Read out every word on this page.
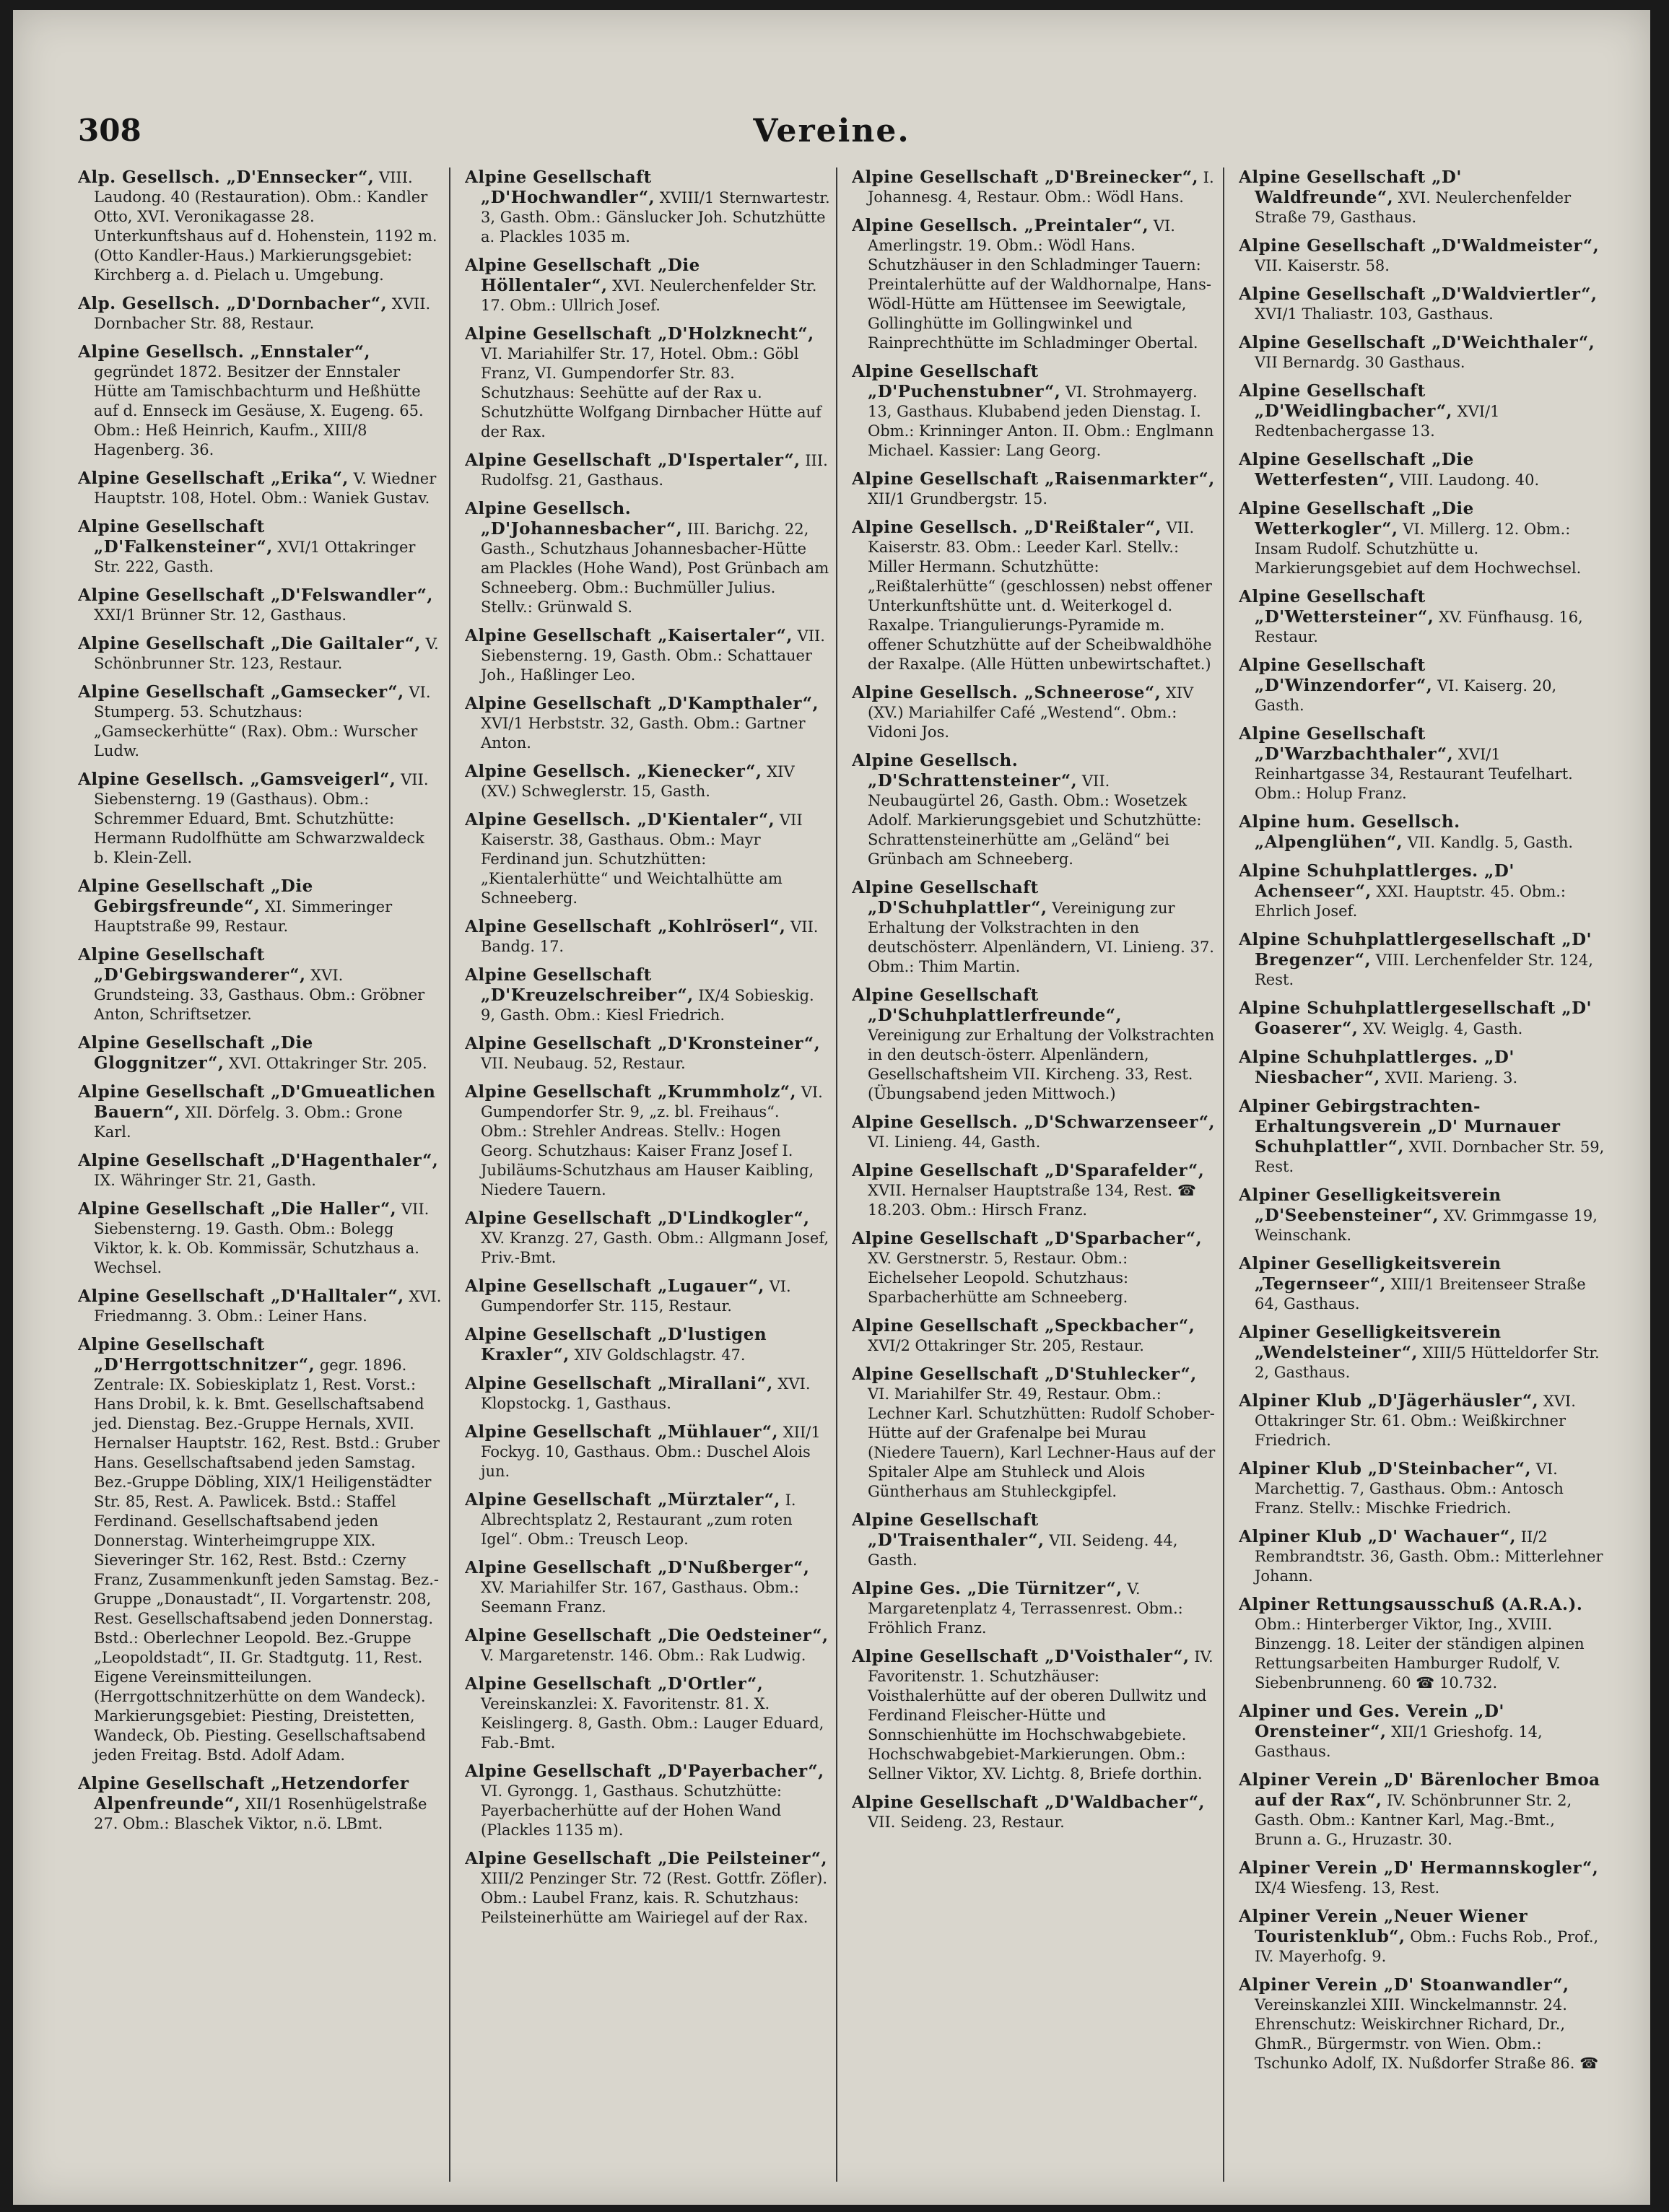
308	Vereine.

Alp. Gesellsch. „D'Ennsecker“, VIII. Laudong. 40 (Restauration). Obm.: Kandler Otto, XVI. Veronikagasse 28. Unterkunftshaus auf d. Hohenstein, 1192 m. (Otto Kandler-Haus.) Markierungsgebiet: Kirchberg a. d. Pielach u. Umgebung.

Alp. Gesellsch. „D'Dornbacher“, XVII. Dornbacher Str. 88, Restaur.

Alpine Gesellsch. „Ennstaler“, gegründet 1872. Besitzer der Ennstaler Hütte am Tamischbachturm und Heßhütte auf d. Ennseck im Gesäuse, X. Eugeng. 65. Obm.: Heß Heinrich, Kaufm., XIII/8 Hagenberg. 36.

Alpine Gesellschaft „Erika“, V. Wiedner Hauptstr. 108, Hotel. Obm.: Waniek Gustav.

Alpine Gesellschaft „D'Falkensteiner“, XVI/1 Ottakringer Str. 222, Gasth.

Alpine Gesellschaft „D'Felswandler“, XXI/1 Brünner Str. 12, Gasthaus.

Alpine Gesellschaft „Die Gailtaler“, V. Schönbrunner Str. 123, Restaur.

Alpine Gesellschaft „Gamsecker“, VI. Stumperg. 53. Schutzhaus: „Gamseckerhütte“ (Rax). Obm.: Wurscher Ludw.

Alpine Gesellsch. „Gamsveigerl“, VII. Siebensterng. 19 (Gasthaus). Obm.: Schremmer Eduard, Bmt. Schutzhütte: Hermann Rudolfhütte am Schwarzwaldeck b. Klein-Zell.

Alpine Gesellschaft „Die Gebirgsfreunde“, XI. Simmeringer Hauptstraße 99, Restaur.

Alpine Gesellschaft „D'Gebirgswanderer“, XVI. Grundsteing. 33, Gasthaus. Obm.: Gröbner Anton, Schriftsetzer.

Alpine Gesellschaft „Die Gloggnitzer“, XVI. Ottakringer Str. 205.

Alpine Gesellschaft „D'Gmueatlichen Bauern“, XII. Dörfelg. 3. Obm.: Grone Karl.

Alpine Gesellschaft „D'Hagenthaler“, IX. Währinger Str. 21, Gasth.

Alpine Gesellschaft „Die Haller“, VII. Siebensterng. 19. Gasth. Obm.: Bolegg Viktor, k. k. Ob. Kommissär, Schutzhaus a. Wechsel.

Alpine Gesellschaft „D'Halltaler“, XVI. Friedmanng. 3. Obm.: Leiner Hans.

Alpine Gesellschaft „D'Herrgottschnitzer“, gegr. 1896. Zentrale: IX. Sobieskiplatz 1, Rest. Vorst.: Hans Drobil, k. k. Bmt. Gesellschaftsabend jed. Dienstag. Bez.-Gruppe Hernals, XVII. Hernalser Hauptstr. 162, Rest. Bstd.: Gruber Hans. Gesellschaftsabend jeden Samstag. Bez.-Gruppe Döbling, XIX/1 Heiligenstädter Str. 85, Rest. A. Pawlicek. Bstd.: Staffel Ferdinand. Gesellschaftsabend jeden Donnerstag. Winterheimgruppe XIX. Sieveringer Str. 162, Rest. Bstd.: Czerny Franz, Zusammenkunft jeden Samstag. Bez.-Gruppe „Donaustadt“, II. Vorgartenstr. 208, Rest. Gesellschaftsabend jeden Donnerstag. Bstd.: Oberlechner Leopold. Bez.-Gruppe „Leopoldstadt“, II. Gr. Stadtgutg. 11, Rest. Eigene Vereinsmitteilungen. (Herrgottschnitzerhütte on dem Wandeck). Markierungsgebiet: Piesting, Dreistetten, Wandeck, Ob. Piesting. Gesellschaftsabend jeden Freitag. Bstd. Adolf Adam.

Alpine Gesellschaft „Hetzendorfer Alpenfreunde“, XII/1 Rosenhügelstraße 27. Obm.: Blaschek Viktor, n.ö. LBmt.

Alpine Gesellschaft „D'Hochwandler“, XVIII/1 Sternwartestr. 3, Gasth. Obm.: Gänslucker Joh. Schutzhütte a. Plackles 1035 m.

Alpine Gesellschaft „Die Höllentaler“, XVI. Neulerchenfelder Str. 17. Obm.: Ullrich Josef.

Alpine Gesellschaft „D'Holzknecht“, VI. Mariahilfer Str. 17, Hotel. Obm.: Göbl Franz, VI. Gumpendorfer Str. 83. Schutzhaus: Seehütte auf der Rax u. Schutzhütte Wolfgang Dirnbacher Hütte auf der Rax.

Alpine Gesellschaft „D'Ispertaler“, III. Rudolfsg. 21, Gasthaus.

Alpine Gesellsch. „D'Johannesbacher“, III. Barichg. 22, Gasth., Schutzhaus Johannesbacher-Hütte am Plackles (Hohe Wand), Post Grünbach am Schneeberg. Obm.: Buchmüller Julius. Stellv.: Grünwald S.

Alpine Gesellschaft „Kaisertaler“, VII. Siebensterng. 19, Gasth. Obm.: Schattauer Joh., Haßlinger Leo.

Alpine Gesellschaft „D'Kampthaler“, XVI/1 Herbststr. 32, Gasth. Obm.: Gartner Anton.

Alpine Gesellsch. „Kienecker“, XIV (XV.) Schweglerstr. 15, Gasth.

Alpine Gesellsch. „D'Kientaler“, VII Kaiserstr. 38, Gasthaus. Obm.: Mayr Ferdinand jun. Schutzhütten: „Kientalerhütte“ und Weichtalhütte am Schneeberg.

Alpine Gesellschaft „Kohlröserl“, VII. Bandg. 17.

Alpine Gesellschaft „D'Kreuzelschreiber“, IX/4 Sobieskig. 9, Gasth. Obm.: Kiesl Friedrich.

Alpine Gesellschaft „D'Kronsteiner“, VII. Neubaug. 52, Restaur.

Alpine Gesellschaft „Krummholz“, VI. Gumpendorfer Str. 9, „z. bl. Freihaus“. Obm.: Strehler Andreas. Stellv.: Hogen Georg. Schutzhaus: Kaiser Franz Josef I. Jubiläums-Schutzhaus am Hauser Kaibling, Niedere Tauern.

Alpine Gesellschaft „D'Lindkogler“, XV. Kranzg. 27, Gasth. Obm.: Allgmann Josef, Priv.-Bmt.

Alpine Gesellschaft „Lugauer“, VI. Gumpendorfer Str. 115, Restaur.

Alpine Gesellschaft „D'lustigen Kraxler“, XIV Goldschlagstr. 47.

Alpine Gesellschaft „Mirallani“, XVI. Klopstockg. 1, Gasthaus.

Alpine Gesellschaft „Mühlauer“, XII/1 Fockyg. 10, Gasthaus. Obm.: Duschel Alois jun.

Alpine Gesellschaft „Mürztaler“, I. Albrechtsplatz 2, Restaurant „zum roten Igel“. Obm.: Treusch Leop.

Alpine Gesellschaft „D'Nußberger“, XV. Mariahilfer Str. 167, Gasthaus. Obm.: Seemann Franz.

Alpine Gesellschaft „Die Oedsteiner“, V. Margaretenstr. 146. Obm.: Rak Ludwig.

Alpine Gesellschaft „D'Ortler“, Vereinskanzlei: X. Favoritenstr. 81. X. Keislingerg. 8, Gasth. Obm.: Lauger Eduard, Fab.-Bmt.

Alpine Gesellschaft „D'Payerbacher“, VI. Gyrongg. 1, Gasthaus. Schutzhütte: Payerbacherhütte auf der Hohen Wand (Plackles 1135 m).

Alpine Gesellschaft „Die Peilsteiner“, XIII/2 Penzinger Str. 72 (Rest. Gottfr. Zöfler). Obm.: Laubel Franz, kais. R. Schutzhaus: Peilsteinerhütte am Wairiegel auf der Rax.

Alpine Gesellschaft „D'Breinecker“, I. Johannesg. 4, Restaur. Obm.: Wödl Hans.

Alpine Gesellsch. „Preintaler“, VI. Amerlingstr. 19. Obm.: Wödl Hans. Schutzhäuser in den Schladminger Tauern: Preintalerhütte auf der Waldhornalpe, Hans-Wödl-Hütte am Hüttensee im Seewigtale, Gollinghütte im Gollingwinkel und Rainprechthütte im Schladminger Obertal.

Alpine Gesellschaft „D'Puchenstubner“, VI. Strohmayerg. 13, Gasthaus. Klubabend jeden Dienstag. I. Obm.: Krinninger Anton. II. Obm.: Englmann Michael. Kassier: Lang Georg.

Alpine Gesellschaft „Raisenmarkter“, XII/1 Grundbergstr. 15.

Alpine Gesellsch. „D'Reißtaler“, VII. Kaiserstr. 83. Obm.: Leeder Karl. Stellv.: Miller Hermann. Schutzhütte: „Reißtalerhütte“ (geschlossen) nebst offener Unterkunftshütte unt. d. Weiterkogel d. Raxalpe. Triangulierungs-Pyramide m. offener Schutzhütte auf der Scheibwaldhöhe der Raxalpe. (Alle Hütten unbewirtschaftet.)

Alpine Gesellsch. „Schneerose“, XIV (XV.) Mariahilfer Café „Westend“. Obm.: Vidoni Jos.

Alpine Gesellsch. „D'Schrattensteiner“, VII. Neubaugürtel 26, Gasth. Obm.: Wosetzek Adolf. Markierungsgebiet und Schutzhütte: Schrattensteinerhütte am „Geländ“ bei Grünbach am Schneeberg.

Alpine Gesellschaft „D'Schuhplattler“, Vereinigung zur Erhaltung der Volkstrachten in den deutschösterr. Alpenländern, VI. Linieng. 37. Obm.: Thim Martin.

Alpine Gesellschaft „D'Schuhplattlerfreunde“, Vereinigung zur Erhaltung der Volkstrachten in den deutsch-österr. Alpenländern, Gesellschaftsheim VII. Kircheng. 33, Rest. (Übungsabend jeden Mittwoch.)

Alpine Gesellsch. „D'Schwarzenseer“, VI. Linieng. 44, Gasth.

Alpine Gesellschaft „D'Sparafelder“, XVII. Hernalser Hauptstraße 134, Rest. ☎ 18.203. Obm.: Hirsch Franz.

Alpine Gesellschaft „D'Sparbacher“, XV. Gerstnerstr. 5, Restaur. Obm.: Eichelseher Leopold. Schutzhaus: Sparbacherhütte am Schneeberg.

Alpine Gesellschaft „Speckbacher“, XVI/2 Ottakringer Str. 205, Restaur.

Alpine Gesellschaft „D'Stuhlecker“, VI. Mariahilfer Str. 49, Restaur. Obm.: Lechner Karl. Schutzhütten: Rudolf Schober-Hütte auf der Grafenalpe bei Murau (Niedere Tauern), Karl Lechner-Haus auf der Spitaler Alpe am Stuhleck und Alois Güntherhaus am Stuhleckgipfel.

Alpine Gesellschaft „D'Traisenthaler“, VII. Seideng. 44, Gasth.

Alpine Ges. „Die Türnitzer“, V. Margaretenplatz 4, Terrassenrest. Obm.: Fröhlich Franz.

Alpine Gesellschaft „D'Voisthaler“, IV. Favoritenstr. 1. Schutzhäuser: Voisthalerhütte auf der oberen Dullwitz und Ferdinand Fleischer-Hütte und Sonnschienhütte im Hochschwabgebiete. Hochschwabgebiet-Markierungen. Obm.: Sellner Viktor, XV. Lichtg. 8, Briefe dorthin.

Alpine Gesellschaft „D'Waldbacher“, VII. Seideng. 23, Restaur.

Alpine Gesellschaft „D' Waldfreunde“, XVI. Neulerchenfelder Straße 79, Gasthaus.

Alpine Gesellschaft „D'Waldmeister“, VII. Kaiserstr. 58.

Alpine Gesellschaft „D'Waldviertler“, XVI/1 Thaliastr. 103, Gasthaus.

Alpine Gesellschaft „D'Weichthaler“, VII Bernardg. 30 Gasthaus.

Alpine Gesellschaft „D'Weidlingbacher“, XVI/1 Redtenbachergasse 13.

Alpine Gesellschaft „Die Wetterfesten“, VIII. Laudong. 40.

Alpine Gesellschaft „Die Wetterkogler“, VI. Millerg. 12. Obm.: Insam Rudolf. Schutzhütte u. Markierungsgebiet auf dem Hochwechsel.

Alpine Gesellschaft „D'Wettersteiner“, XV. Fünfhausg. 16, Restaur.

Alpine Gesellschaft „D'Winzendorfer“, VI. Kaiserg. 20, Gasth.

Alpine Gesellschaft „D'Warzbachthaler“, XVI/1 Reinhartgasse 34, Restaurant Teufelhart. Obm.: Holup Franz.

Alpine hum. Gesellsch. „Alpenglühen“, VII. Kandlg. 5, Gasth.

Alpine Schuhplattlerges. „D' Achenseer“, XXI. Hauptstr. 45. Obm.: Ehrlich Josef.

Alpine Schuhplattlergesellschaft „D' Bregenzer“, VIII. Lerchenfelder Str. 124, Rest.

Alpine Schuhplattlergesellschaft „D' Goaserer“, XV. Weiglg. 4, Gasth.

Alpine Schuhplattlerges. „D' Niesbacher“, XVII. Marieng. 3.

Alpiner Gebirgstrachten-Erhaltungsverein „D' Murnauer Schuhplattler“, XVII. Dornbacher Str. 59, Rest.

Alpiner Geselligkeitsverein „D'Seebensteiner“, XV. Grimmgasse 19, Weinschank.

Alpiner Geselligkeitsverein „Tegernseer“, XIII/1 Breitenseer Straße 64, Gasthaus.

Alpiner Geselligkeitsverein „Wendelsteiner“, XIII/5 Hütteldorfer Str. 2, Gasthaus.

Alpiner Klub „D'Jägerhäusler“, XVI. Ottakringer Str. 61. Obm.: Weißkirchner Friedrich.

Alpiner Klub „D'Steinbacher“, VI. Marchettig. 7, Gasthaus. Obm.: Antosch Franz. Stellv.: Mischke Friedrich.

Alpiner Klub „D' Wachauer“, II/2 Rembrandtstr. 36, Gasth. Obm.: Mitterlehner Johann.

Alpiner Rettungsausschuß (A.R.A.). Obm.: Hinterberger Viktor, Ing., XVIII. Binzengg. 18. Leiter der ständigen alpinen Rettungsarbeiten Hamburger Rudolf, V. Siebenbrunneng. 60 ☎ 10.732.

Alpiner und Ges. Verein „D' Orensteiner“, XII/1 Grieshofg. 14, Gasthaus.

Alpiner Verein „D' Bärenlocher Bmoa auf der Rax“, IV. Schönbrunner Str. 2, Gasth. Obm.: Kantner Karl, Mag.-Bmt., Brunn a. G., Hruzastr. 30.

Alpiner Verein „D' Hermannskogler“, IX/4 Wiesfeng. 13, Rest.

Alpiner Verein „Neuer Wiener Touristenklub“, Obm.: Fuchs Rob., Prof., IV. Mayerhofg. 9.

Alpiner Verein „D' Stoanwandler“, Vereinskanzlei XIII. Winckelmannstr. 24. Ehrenschutz: Weiskirchner Richard, Dr., GhmR., Bürgermstr. von Wien. Obm.: Tschunko Adolf, IX. Nußdorfer Straße 86. ☎
